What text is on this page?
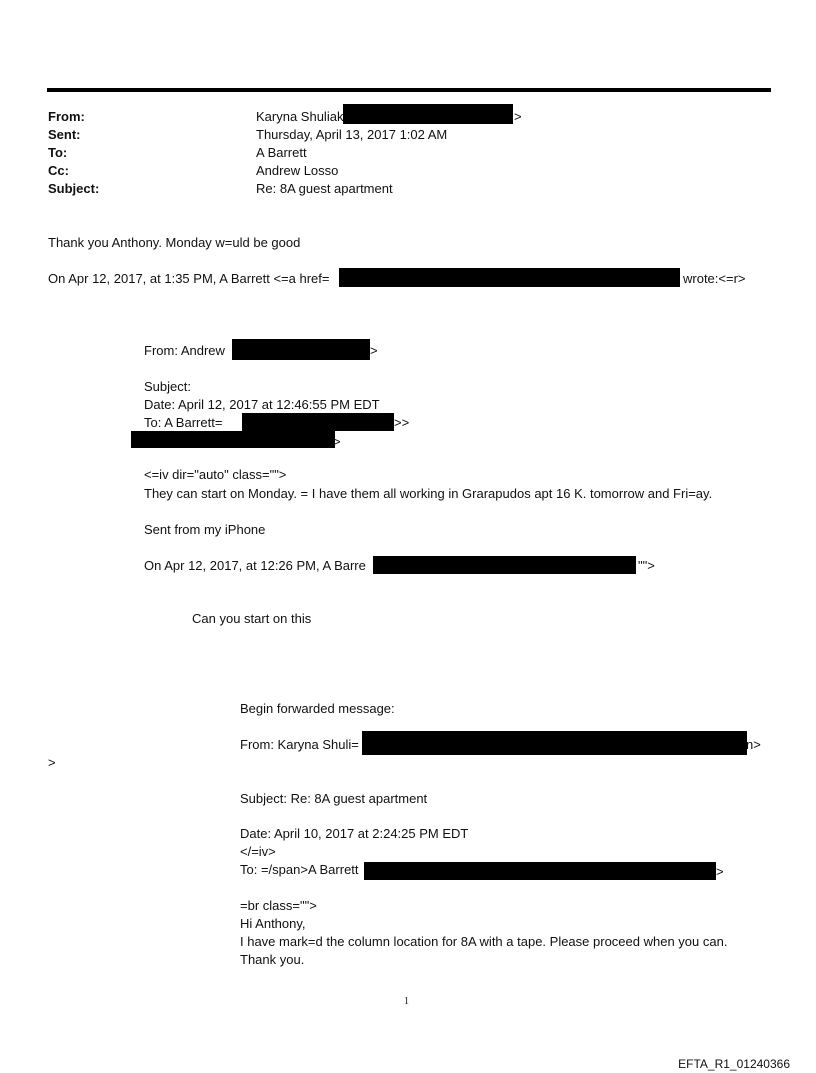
From:	Karyna Shuliak	>
Sent:	Thursday, April 13, 2017 1:02 AM
To:	A Barrett
Cc:	Andrew Losso
Subject:	Re: 8A guest apartment
Thank you Anthony. Monday w=uld be good
On Apr 12, 2017, at 1:35 PM, A Barrett <=a href=	wrote:<=r>
From: Andrew	>
Subject:
Date: April 12, 2017 at 12:46:55 PM EDT
To: A Barrett=	>>
>
<=iv dir="auto" class="">
They can start on Monday. = I have them all working in Grarapudos apt 16 K. tomorrow and Fri=ay.
Sent from my iPhone
On Apr 12, 2017, at 12:26 PM, A Barre	"">
Can you start on this
Begin forwarded message:
From: Karyna Shuli=	n>
>
Subject: Re: 8A guest apartment
Date: April 10, 2017 at 2:24:25 PM EDT
</=iv>
To: =/span>A Barrett	>
=br class="">
Hi Anthony,
I have mark=d the column location for 8A with a tape. Please proceed when you can.
Thank you.
1
EFTA_R1_01240366
